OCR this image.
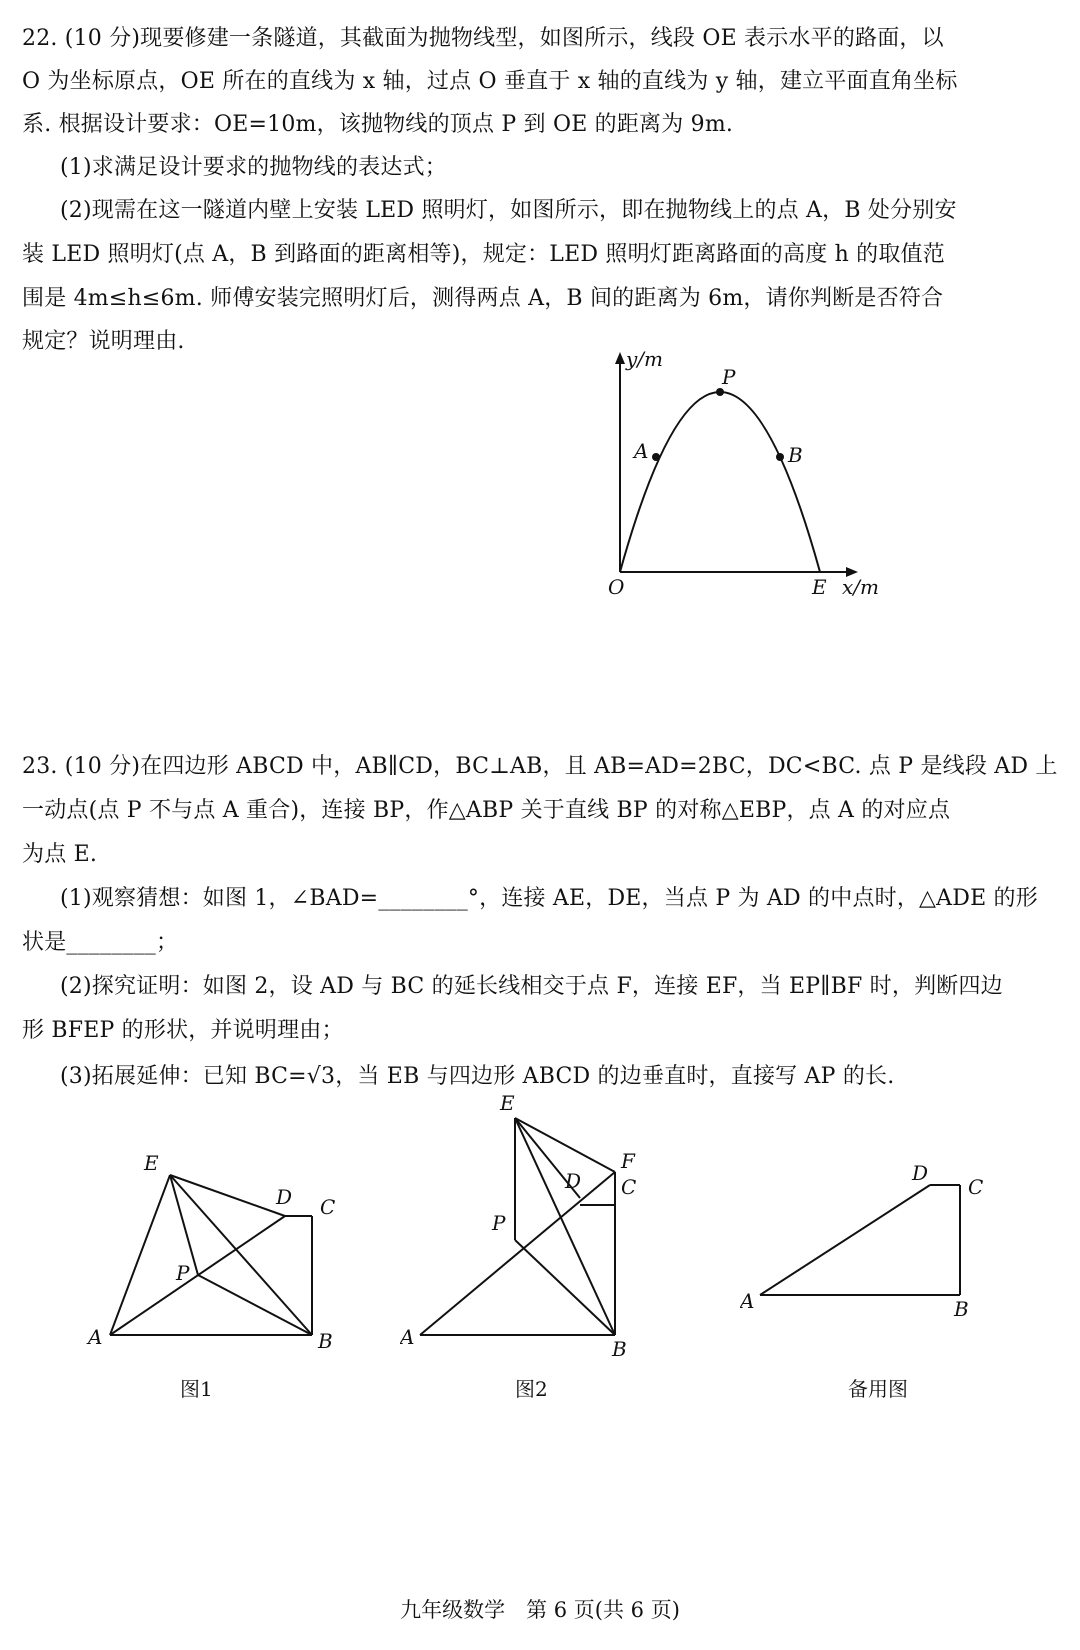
22. (10 分)现要修建一条隧道，其截面为抛物线型，如图所示，线段 OE 表示水平的路面，以
O 为坐标原点，OE 所在的直线为 x 轴，过点 O 垂直于 x 轴的直线为 y 轴，建立平面直角坐标
系. 根据设计要求：OE=10m，该抛物线的顶点 P 到 OE 的距离为 9m.
(1)求满足设计要求的抛物线的表达式；
(2)现需在这一隧道内壁上安装 LED 照明灯，如图所示，即在抛物线上的点 A，B 处分别安
装 LED 照明灯(点 A，B 到路面的距离相等)，规定：LED 照明灯距离路面的高度 h 的取值范
围是 4m≤h≤6m. 师傅安装完照明灯后，测得两点 A，B 间的距离为 6m，请你判断是否符合
规定？说明理由.
y/m
O	E x/m
P
A	B
23. (10 分)在四边形 ABCD 中，AB∥CD，BC⊥AB，且 AB=AD=2BC，DC<BC. 点 P 是线段 AD 上
一动点(点 P 不与点 A 重合)，连接 BP，作△ABP 关于直线 BP 的对称△EBP，点 A 的对应点
为点 E.
(1)观察猜想：如图 1，∠BAD=________°，连接 AE，DE，当点 P 为 AD 的中点时，△ADE 的形
状是________；
(2)探究证明：如图 2，设 AD 与 BC 的延长线相交于点 F，连接 EF，当 EP∥BF 时，判断四边
形 BFEP 的形状，并说明理由；
(3)拓展延伸：已知 BC=√3，当 EB 与四边形 ABCD 的边垂直时，直接写 AP 的长.
A	B
C
D
E
P
图1
A	B
C
D
E
F
P
图2
A	B
C
D
备用图
九年级数学　第 6 页(共 6 页)
